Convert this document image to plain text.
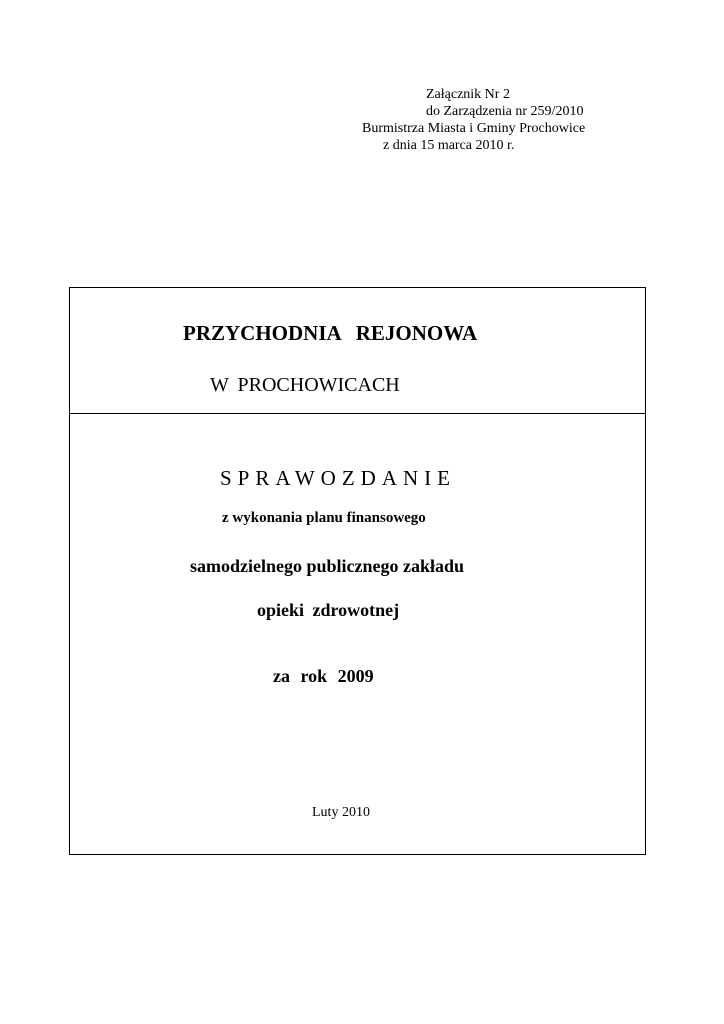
Załącznik Nr 2
do Zarządzenia nr 259/2010
Burmistrza Miasta i Gminy Prochowice
z dnia 15 marca 2010 r.
PRZYCHODNIA REJONOWA
W PROCHOWICACH
SPRAWOZDANIE
z wykonania planu finansowego
samodzielnego publicznego zakładu
opieki zdrowotnej
za rok 2009
Luty 2010
